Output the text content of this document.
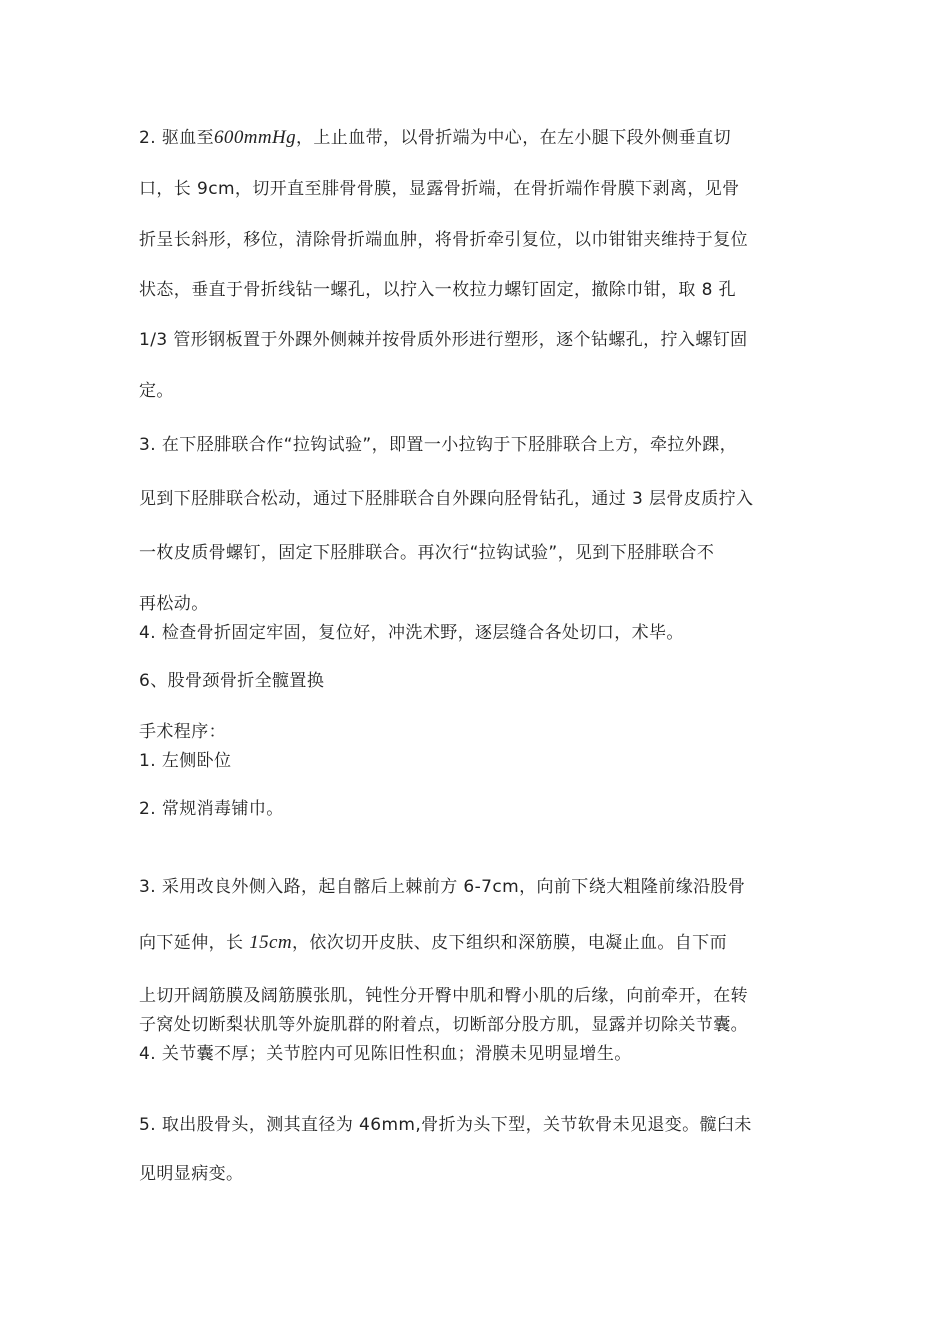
2. 驱血至600mmHg，上止血带，以骨折端为中心，在左小腿下段外侧垂直切
口，长 9cm，切开直至腓骨骨膜，显露骨折端，在骨折端作骨膜下剥离，见骨
折呈长斜形，移位，清除骨折端血肿，将骨折牵引复位，以巾钳钳夹维持于复位
状态，垂直于骨折线钻一螺孔，以拧入一枚拉力螺钉固定，撤除巾钳，取 8 孔
1/3 管形钢板置于外踝外侧棘并按骨质外形进行塑形，逐个钻螺孔，拧入螺钉固
定。
3. 在下胫腓联合作“拉钩试验”，即置一小拉钩于下胫腓联合上方，牵拉外踝，
见到下胫腓联合松动，通过下胫腓联合自外踝向胫骨钻孔，通过 3 层骨皮质拧入
一枚皮质骨螺钉，固定下胫腓联合。再次行“拉钩试验”，见到下胫腓联合不
再松动。
4. 检查骨折固定牢固，复位好，冲洗术野，逐层缝合各处切口，术毕。
6、股骨颈骨折全髋置换
手术程序：
1. 左侧卧位
2. 常规消毒铺巾。
3. 采用改良外侧入路，起自髂后上棘前方 6-7cm，向前下绕大粗隆前缘沿股骨
向下延伸，长 15cm，依次切开皮肤、皮下组织和深筋膜，电凝止血。自下而
上切开阔筋膜及阔筋膜张肌，钝性分开臀中肌和臀小肌的后缘，向前牵开，在转
子窝处切断梨状肌等外旋肌群的附着点，切断部分股方肌，显露并切除关节囊。
4. 关节囊不厚；关节腔内可见陈旧性积血；滑膜未见明显增生。
5. 取出股骨头，测其直径为 46mm,骨折为头下型，关节软骨未见退变。髋臼未
见明显病变。
